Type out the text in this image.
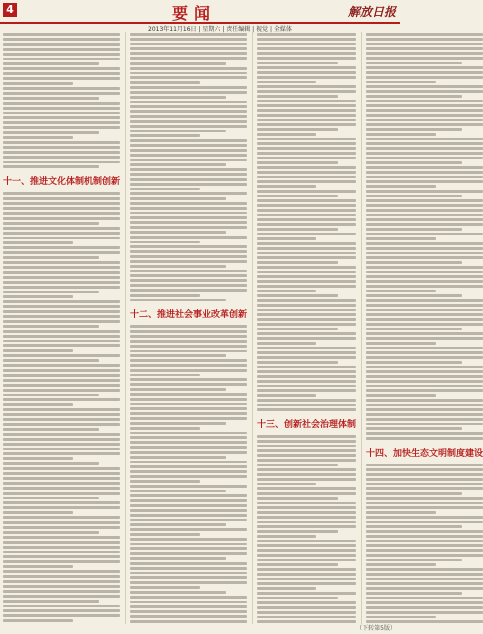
4	要闻	解放日报
2013年11月16日 | 星期六 | 责任编辑 | 视觉 | 全媒体
十一、推进文化体制机制创新
十二、推进社会事业改革创新
十三、创新社会治理体制
十四、加快生态文明制度建设
（下转第5版）
